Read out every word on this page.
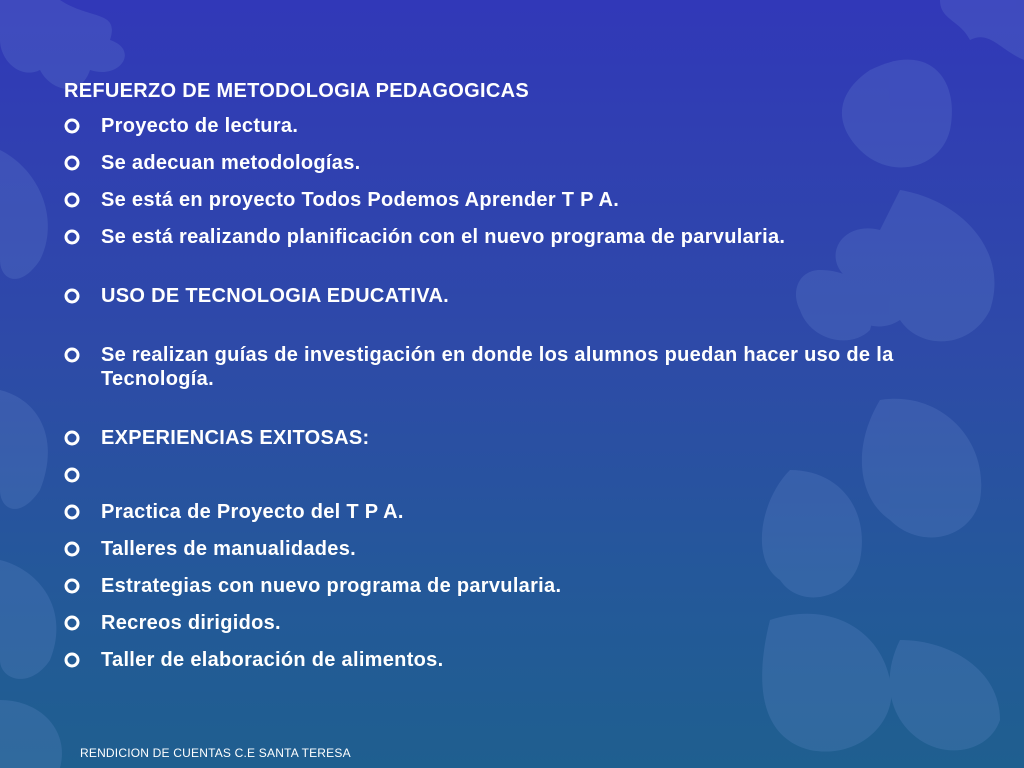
REFUERZO DE METODOLOGIA PEDAGOGICAS
Proyecto de lectura.
Se adecuan metodologías.
Se está en proyecto Todos Podemos Aprender T P A.
Se está realizando planificación con el nuevo programa de parvularia.
USO DE TECNOLOGIA EDUCATIVA.
Se realizan guías de investigación en donde los alumnos puedan hacer uso de la Tecnología.
EXPERIENCIAS EXITOSAS:
Practica de Proyecto del T P A.
Talleres de manualidades.
Estrategias con nuevo programa de parvularia.
Recreos dirigidos.
Taller de elaboración de alimentos.
RENDICION DE CUENTAS C.E SANTA TERESA
